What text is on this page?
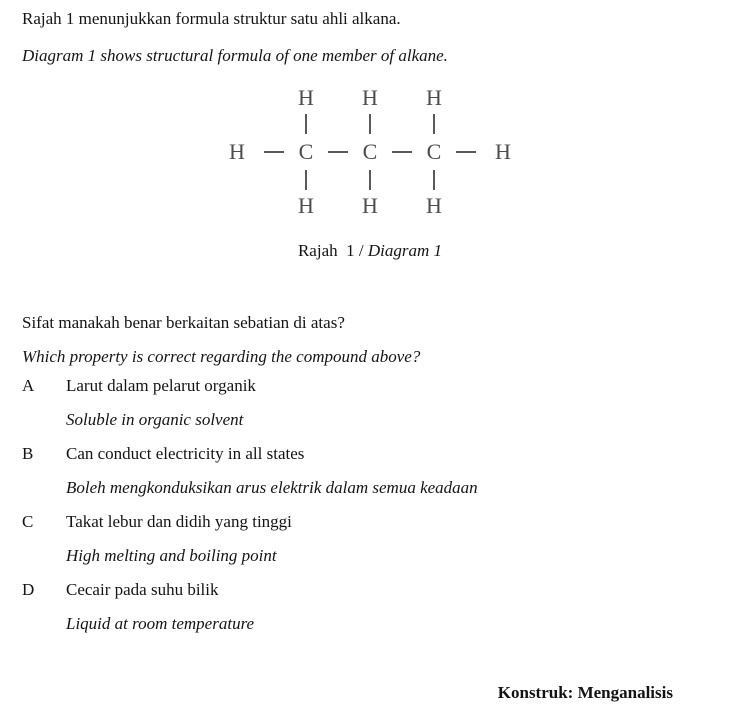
Rajah 1 menunjukkan formula struktur satu ahli alkana.
Diagram 1 shows structural formula of one member of alkane.
H	H	H
H	C	C	C	H
H	H	H
Rajah  1 / Diagram 1
Sifat manakah benar berkaitan sebatian di atas?
Which property is correct regarding the compound above?
A	Larut dalam pelarut organik
Soluble in organic solvent
B	Can conduct electricity in all states
Boleh mengkonduksikan arus elektrik dalam semua keadaan
C	Takat lebur dan didih yang tinggi
High melting and boiling point
D	Cecair pada suhu bilik
Liquid at room temperature
Konstruk: Menganalisis
